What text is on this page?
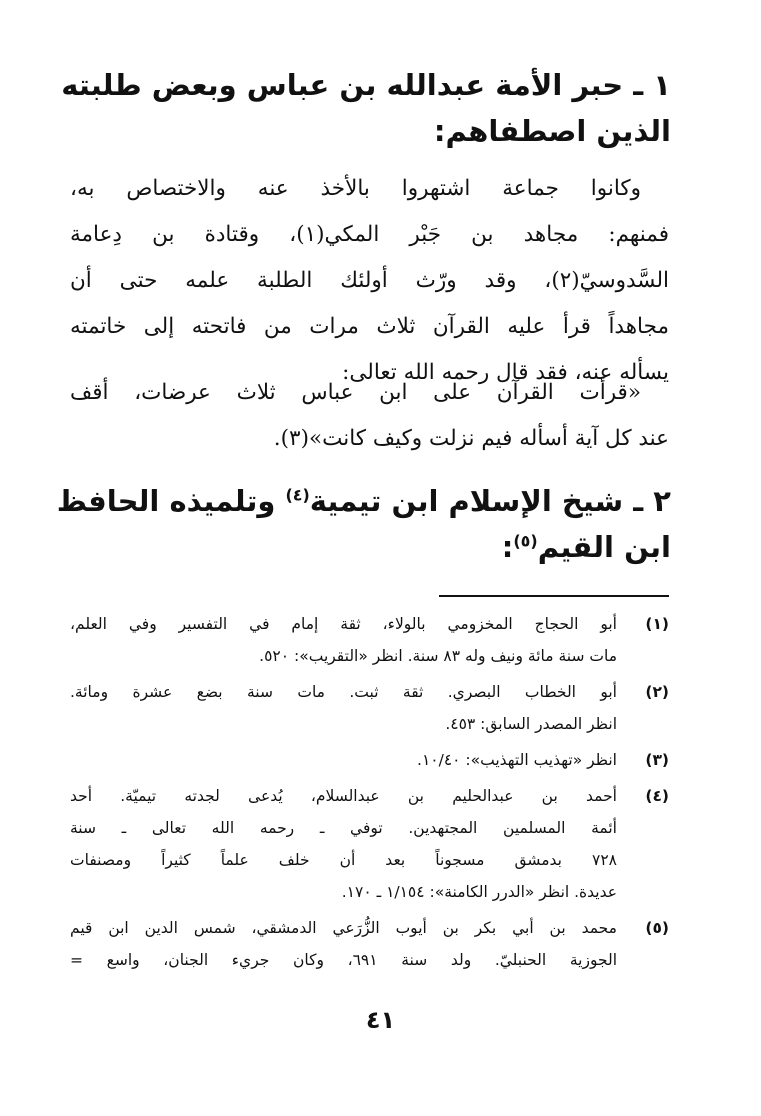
١ ـ حبر الأمة عبدالله بن عباس وبعض طلبته
الذين اصطفاهم:
وكانوا جماعة اشتهروا بالأخذ عنه والاختصاص به،
فمنهم: مجاهد بن جَبْر المكي(١)، وقتادة بن دِعامة
السَّدوسيّ(٢)، وقد ورّث أولئك الطلبة علمه حتى أن
مجاهداً قرأ عليه القرآن ثلاث مرات من فاتحته إلى خاتمته
يسأله عنه، فقد قال رحمه الله تعالى:
«قرأت القرآن على ابن عباس ثلاث عرضات، أقف
عند كل آية أسأله فيم نزلت وكيف كانت»(٣).
٢ ـ شيخ الإسلام ابن تيمية$^{(٤)}$ وتلميذه الحافظ
ابن القيم$^{(٥)}$:
(١)
أبو الحجاج المخزومي بالولاء، ثقة إمام في التفسير وفي العلم،
مات سنة مائة ونيف وله ٨٣ سنة. انظر «التقريب»: ٥٢٠.
(٢)
أبو الخطاب البصري. ثقة ثبت. مات سنة بضع عشرة ومائة.
انظر المصدر السابق: ٤٥٣.
(٣)
انظر «تهذيب التهذيب»: ١٠/٤٠.
(٤)
أحمد بن عبدالحليم بن عبدالسلام، يُدعى لجدته تيميّة. أحد
أئمة المسلمين المجتهدين. توفي ـ رحمه الله تعالى ـ سنة
٧٢٨ بدمشق مسجوناً بعد أن خلف علماً كثيراً ومصنفات
عديدة. انظر «الدرر الكامنة»: ١/١٥٤ ـ ١٧٠.
(٥)
محمد بن أبي بكر بن أيوب الزُّرَعي الدمشقي، شمس الدين ابن قيم
الجوزية الحنبليّ. ولد سنة ٦٩١، وكان جريء الجنان، واسع =
٤١
